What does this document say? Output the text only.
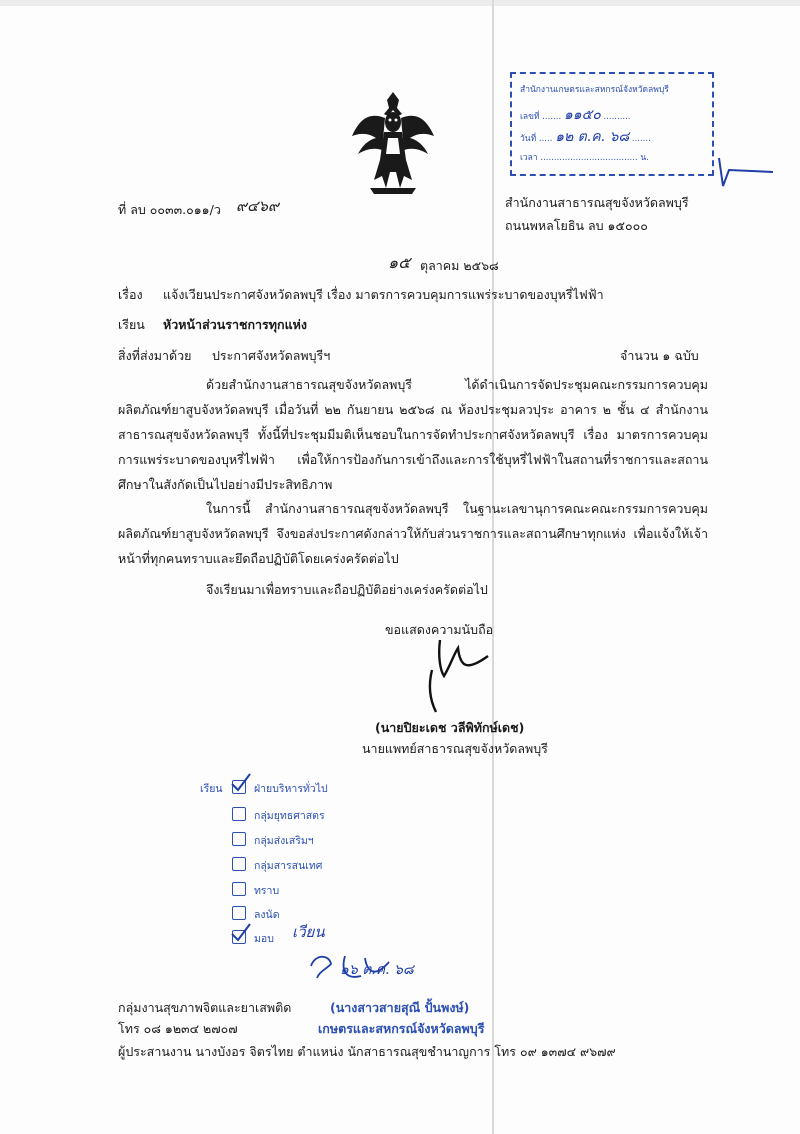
สำนักงานเกษตรและสหกรณ์จังหวัดลพบุรี
เลขที่ ....... ๑๑๕๐ ..........
วันที่ ..... ๑๒ ต.ค. ๖๘ .......
เวลา .................................... น.
ที่ ลบ ๐๐๓๓.๐๑๑/ว ๙๔๖๙	สำนักงานสาธารณสุขจังหวัดลพบุรี
ถนนพหลโยธิน ลบ ๑๕๐๐๐
๑๕ ตุลาคม ๒๕๖๘
เรื่อง แจ้งเวียนประกาศจังหวัดลพบุรี เรื่อง มาตรการควบคุมการแพร่ระบาดของบุหรี่ไฟฟ้า
เรียน หัวหน้าส่วนราชการทุกแห่ง
สิ่งที่ส่งมาด้วย ประกาศจังหวัดลพบุรีฯ	จำนวน ๑ ฉบับ
ด้วยสำนักงานสาธารณสุขจังหวัดลพบุรี ได้ดำเนินการจัดประชุมคณะกรรมการควบคุมผลิตภัณฑ์ยาสูบจังหวัดลพบุรี เมื่อวันที่ ๒๒ กันยายน ๒๕๖๘ ณ ห้องประชุมลวปุระ อาคาร ๒ ชั้น ๔ สำนักงานสาธารณสุขจังหวัดลพบุรี ทั้งนี้ที่ประชุมมีมติเห็นชอบในการจัดทำประกาศจังหวัดลพบุรี เรื่อง มาตรการควบคุมการแพร่ระบาดของบุหรี่ไฟฟ้า เพื่อให้การป้องกันการเข้าถึงและการใช้บุหรี่ไฟฟ้าในสถานที่ราชการและสถานศึกษาในสังกัดเป็นไปอย่างมีประสิทธิภาพ
ในการนี้ สำนักงานสาธารณสุขจังหวัดลพบุรี ในฐานะเลขานุการคณะคณะกรรมการควบคุมผลิตภัณฑ์ยาสูบจังหวัดลพบุรี จึงขอส่งประกาศดังกล่าวให้กับส่วนราชการและสถานศึกษาทุกแห่ง เพื่อแจ้งให้เจ้าหน้าที่ทุกคนทราบและยึดถือปฏิบัติโดยเคร่งครัดต่อไป
จึงเรียนมาเพื่อทราบและถือปฏิบัติอย่างเคร่งครัดต่อไป
ขอแสดงความนับถือ
(นายปิยะเดช วลีพิทักษ์เดช)
นายแพทย์สาธารณสุขจังหวัดลพบุรี
เรียน	ฝ่ายบริหารทั่วไป
กลุ่มยุทธศาสตร
กลุ่มส่งเสริมฯ
กลุ่มสารสนเทศ
ทราบ
ลงนัด
มอบ เวียน
๑๖ ต.ค. ๖๘
กลุ่มงานสุขภาพจิตและยาเสพติด
โทร ๐๘ ๑๒๓๔ ๒๗๐๗
(นางสาวสายสุณี ปั้นพงษ์)
เกษตรและสหกรณ์จังหวัดลพบุรี
ผู้ประสานงาน นางบังอร จิตรไทย ตำแหน่ง นักสาธารณสุขชำนาญการ โทร ๐๙ ๑๓๗๔ ๙๖๗๙
